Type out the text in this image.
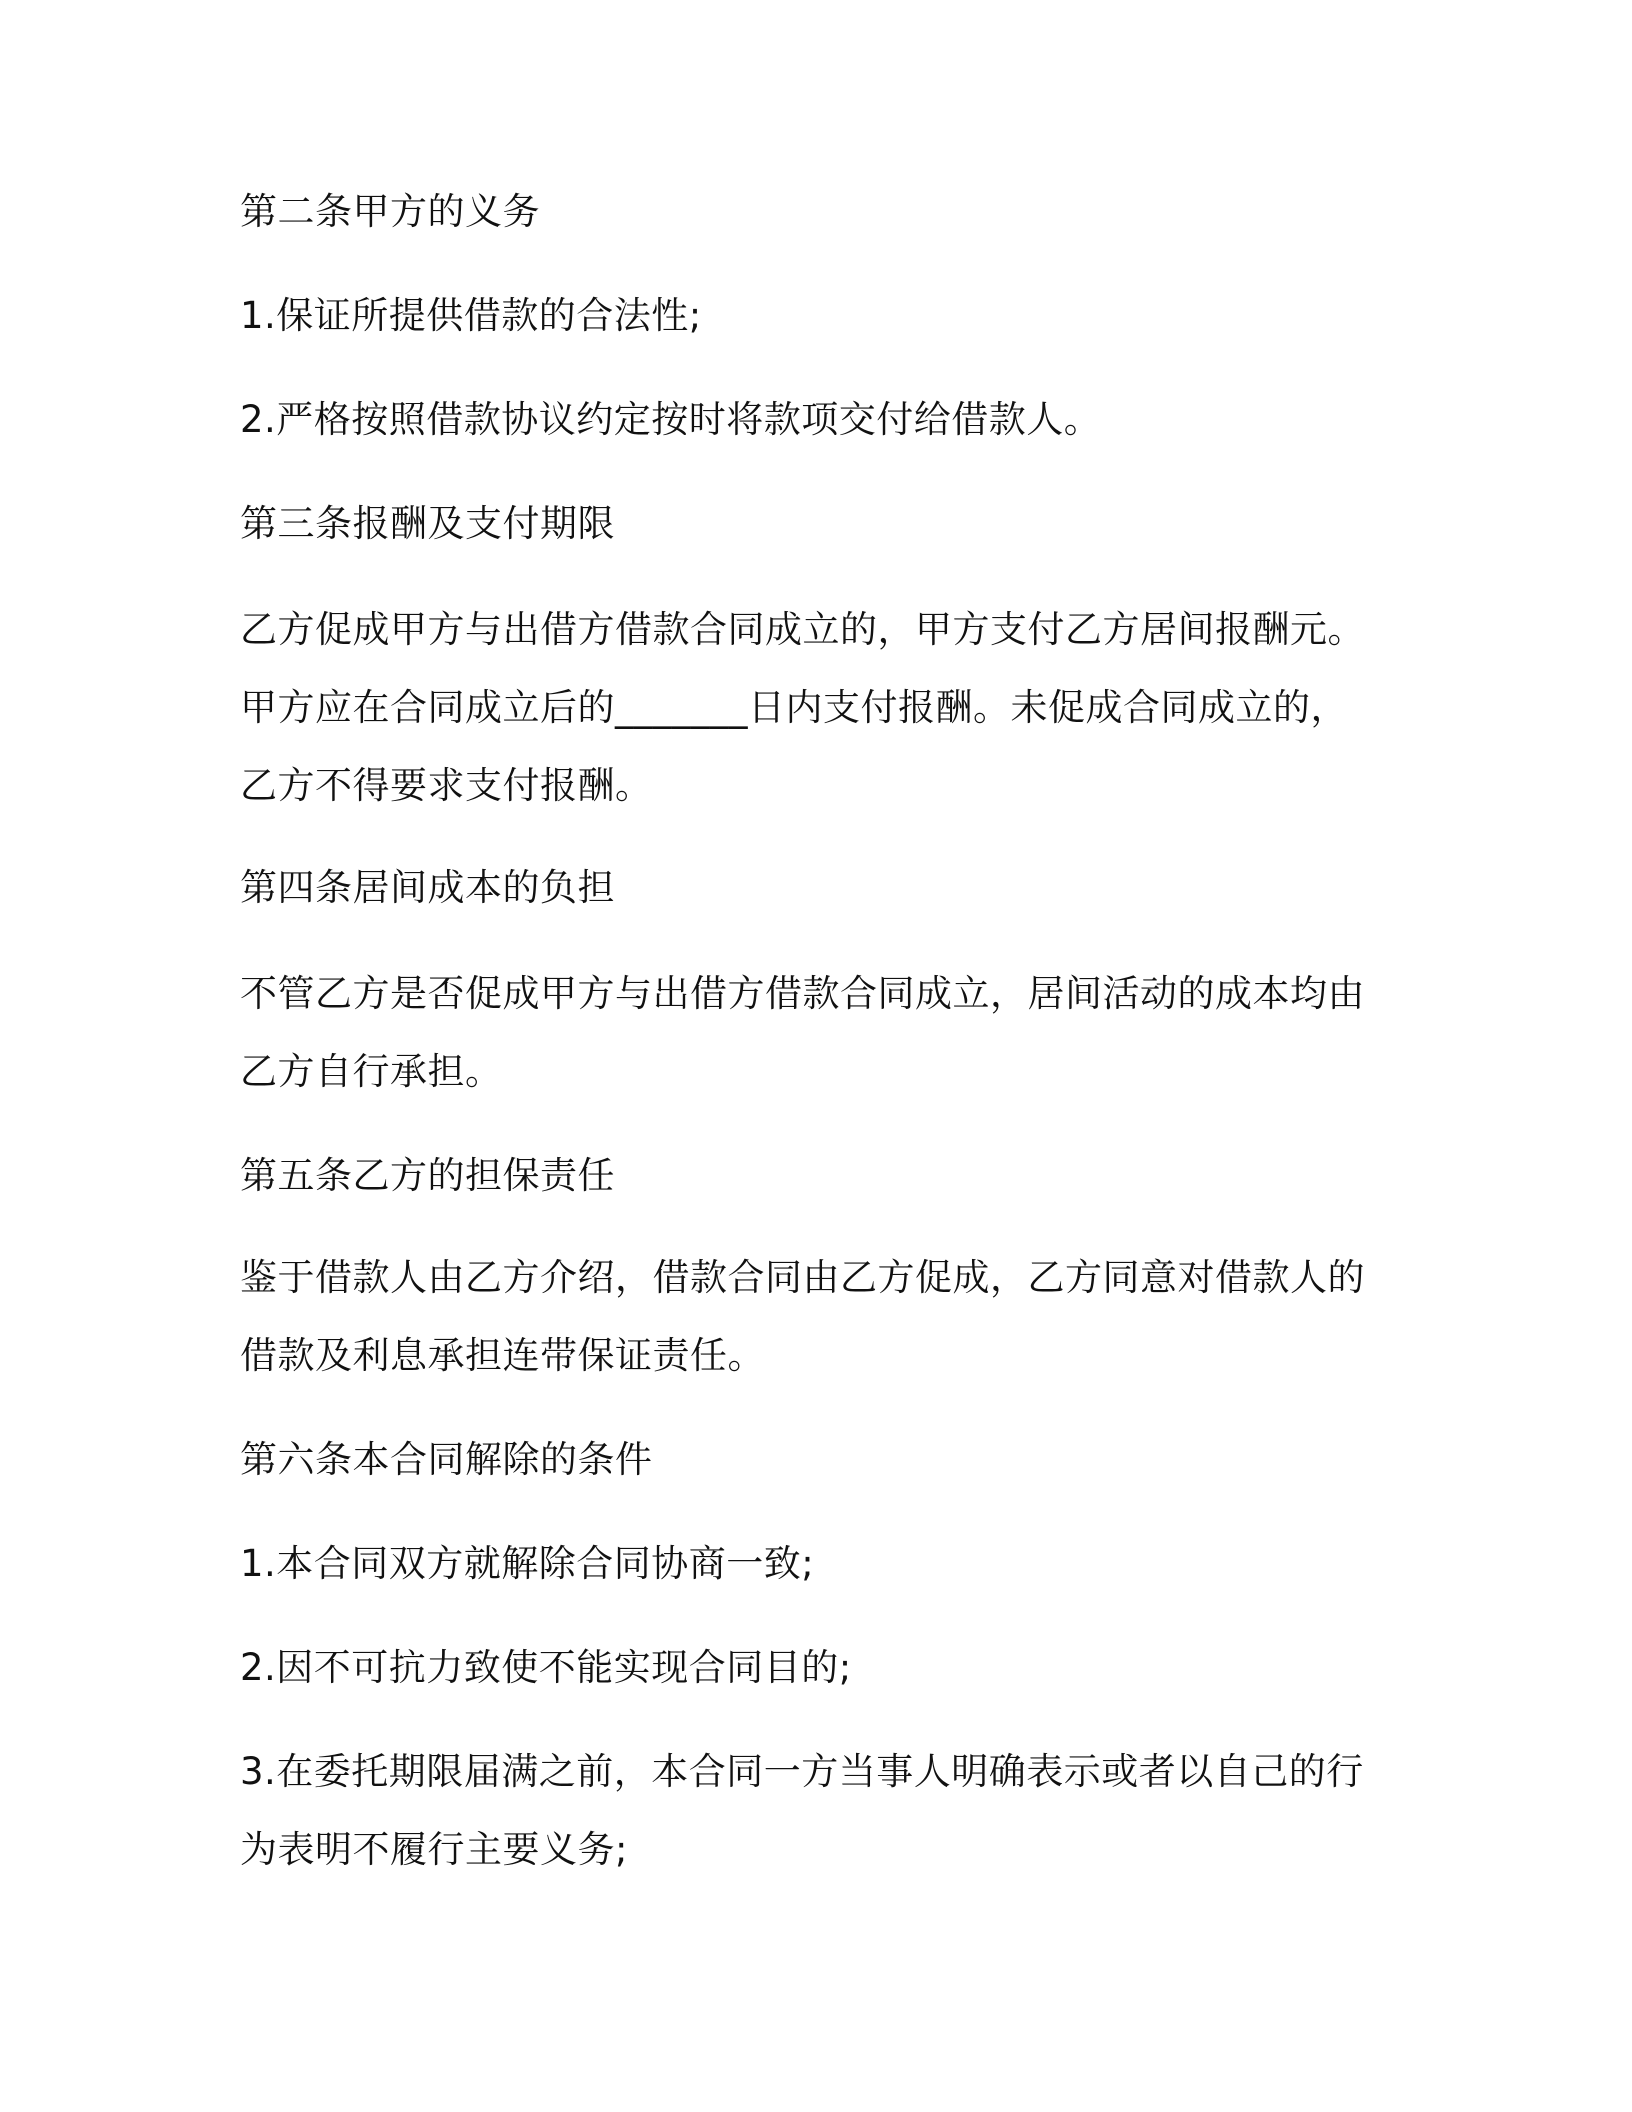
第二条甲方的义务
1.保证所提供借款的合法性;
2.严格按照借款协议约定按时将款项交付给借款人。
第三条报酬及支付期限
乙方促成甲方与出借方借款合同成立的，甲方支付乙方居间报酬元。
甲方应在合同成立后的_______日内支付报酬。未促成合同成立的，
乙方不得要求支付报酬。
第四条居间成本的负担
不管乙方是否促成甲方与出借方借款合同成立，居间活动的成本均由
乙方自行承担。
第五条乙方的担保责任
鉴于借款人由乙方介绍，借款合同由乙方促成，乙方同意对借款人的
借款及利息承担连带保证责任。
第六条本合同解除的条件
1.本合同双方就解除合同协商一致;
2.因不可抗力致使不能实现合同目的;
3.在委托期限届满之前，本合同一方当事人明确表示或者以自己的行
为表明不履行主要义务;
